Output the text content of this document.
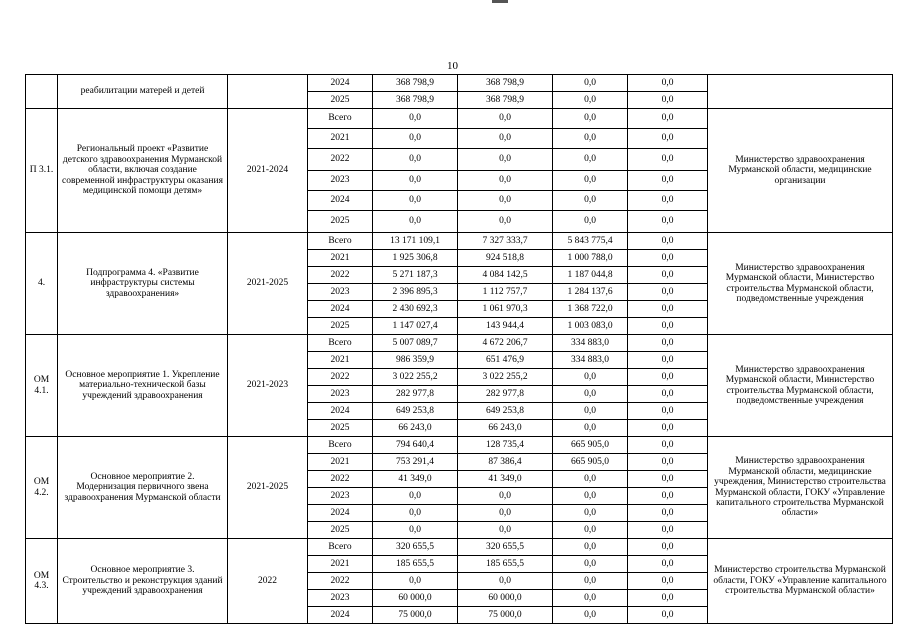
10
	реабилитации матерей и детей		2024	368 798,9	368 798,9	0,0	0,0	
			2025	368 798,9	368 798,9	0,0	0,0	
П 3.1.	Региональный проект «Развитие детского здравоохранения Мурманской области, включая создание современной инфраструктуры оказания медицинской помощи детям»	2021-2024	Всего	0,0	0,0	0,0	0,0	Министерство здравоохранения Мурманской области, медицинские организации
			2021	0,0	0,0	0,0	0,0	
			2022	0,0	0,0	0,0	0,0	
			2023	0,0	0,0	0,0	0,0	
			2024	0,0	0,0	0,0	0,0	
			2025	0,0	0,0	0,0	0,0	
4.	Подпрограмма 4. «Развитие инфраструктуры системы здравоохранения»	2021-2025	Всего	13 171 109,1	7 327 333,7	5 843 775,4	0,0	Министерство здравоохранения Мурманской области, Министерство строительства Мурманской области, подведомственные учреждения
			2021	1 925 306,8	924 518,8	1 000 788,0	0,0	
			2022	5 271 187,3	4 084 142,5	1 187 044,8	0,0	
			2023	2 396 895,3	1 112 757,7	1 284 137,6	0,0	
			2024	2 430 692,3	1 061 970,3	1 368 722,0	0,0	
			2025	1 147 027,4	143 944,4	1 003 083,0	0,0	
ОМ 4.1.	Основное мероприятие 1. Укрепление материально-технической базы учреждений здравоохранения	2021-2023	Всего	5 007 089,7	4 672 206,7	334 883,0	0,0	Министерство здравоохранения Мурманской области, Министерство строительства Мурманской области, подведомственные учреждения
			2021	986 359,9	651 476,9	334 883,0	0,0	
			2022	3 022 255,2	3 022 255,2	0,0	0,0	
			2023	282 977,8	282 977,8	0,0	0,0	
			2024	649 253,8	649 253,8	0,0	0,0	
			2025	66 243,0	66 243,0	0,0	0,0	
ОМ 4.2.	Основное мероприятие 2. Модернизация первичного звена здравоохранения Мурманской области	2021-2025	Всего	794 640,4	128 735,4	665 905,0	0,0	Министерство здравоохранения Мурманской области, медицинские учреждения, Министерство строительства Мурманской области, ГОКУ «Управление капитального строительства Мурманской области»
			2021	753 291,4	87 386,4	665 905,0	0,0	
			2022	41 349,0	41 349,0	0,0	0,0	
			2023	0,0	0,0	0,0	0,0	
			2024	0,0	0,0	0,0	0,0	
			2025	0,0	0,0	0,0	0,0	
ОМ 4.3.	Основное мероприятие 3. Строительство и реконструкция зданий учреждений здравоохранения	2022	Всего	320 655,5	320 655,5	0,0	0,0	Министерство строительства Мурманской области, ГОКУ «Управление капитального строительства Мурманской области»
			2021	185 655,5	185 655,5	0,0	0,0	
			2022	0,0	0,0	0,0	0,0	
			2023	60 000,0	60 000,0	0,0	0,0	
			2024	75 000,0	75 000,0	0,0	0,0	
